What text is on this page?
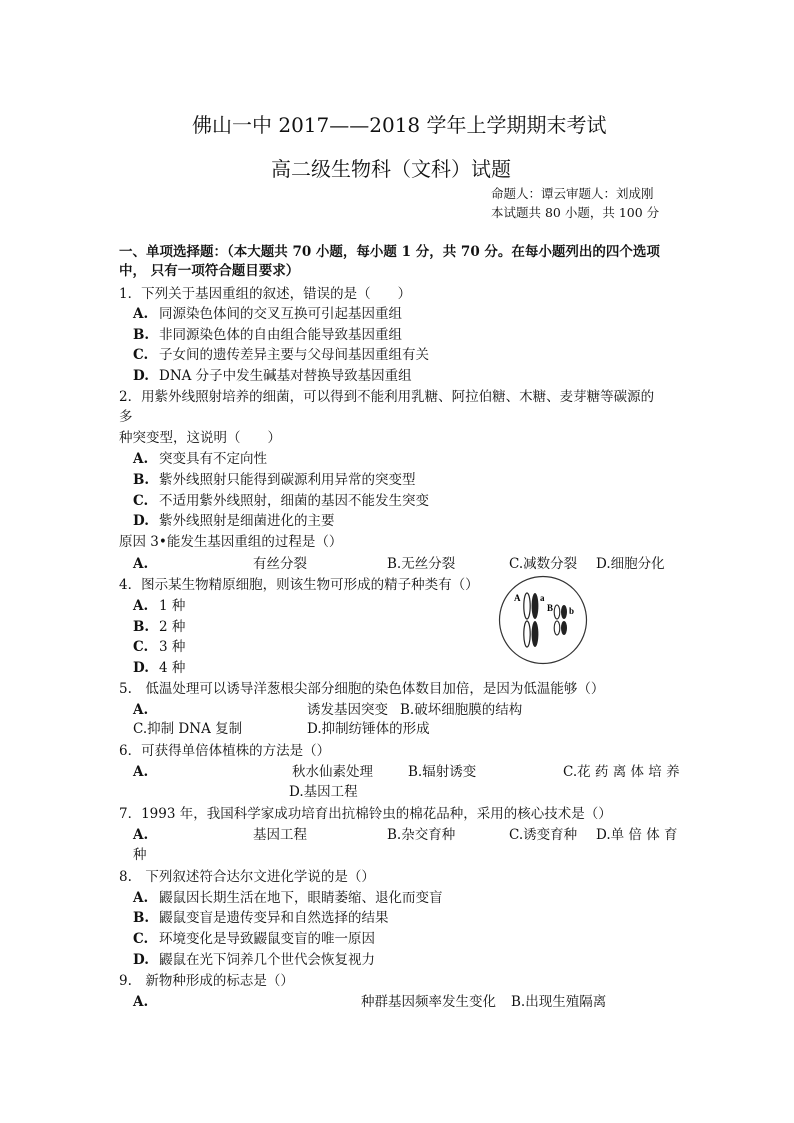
佛山一中 2017——2018 学年上学期期末考试
高二级生物科（文科）试题
命题人：谭云审题人：刘成刚
本试题共 80 小题，共 100 分
一、单项选择题：（本大题共 70 小题，每小题 1 分，共 70 分。在每小题列出的四个选项
中， 只有一项符合题目要求）
1．下列关于基因重组的叙述，错误的是（　　）
A. 同源染色体间的交叉互换可引起基因重组
B. 非同源染色体的自由组合能导致基因重组
C. 子女间的遗传差异主要与父母间基因重组有关
D. DNA 分子中发生碱基对替换导致基因重组
2．用紫外线照射培养的细菌，可以得到不能利用乳糖、阿拉伯糖、木糖、麦芽糖等碳源的
多
种突变型，这说明（　　）
A. 突变具有不定向性
B. 紫外线照射只能得到碳源利用异常的突变型
C. 不适用紫外线照射，细菌的基因不能发生突变
D. 紫外线照射是细菌进化的主要
原因 3•能发生基因重组的过程是（）
A.	有丝分裂	B.无丝分裂	C.减数分裂 D.细胞分化
4．图示某生物精原细胞，则该生物可形成的精子种类有（）
A. 1 种
B. 2 种
C. 3 种
D. 4 种
A a
B b
5.　低温处理可以诱导洋葱根尖部分细胞的染色体数目加倍，是因为低温能够（）
A.	诱发基因突变 B.破坏细胞膜的结构
C.抑制 DNA 复制	D.抑制纺锤体的形成
6．可获得单倍体植株的方法是（）
A.	秋水仙素处理	B.辐射诱变	C.花 药 离 体 培 养
D.基因工程
7．1993 年，我国科学家成功培育出抗棉铃虫的棉花品种，采用的核心技术是（）
A.	基因工程	B.杂交育种	C.诱变育种 D.单 倍 体 育
种
8.　下列叙述符合达尔文进化学说的是（）
A. 鼹鼠因长期生活在地下，眼睛萎缩、退化而变盲
B. 鼹鼠变盲是遗传变异和自然选择的结果
C. 环境变化是导致鼹鼠变盲的唯一原因
D. 鼹鼠在光下饲养几个世代会恢复视力
9.　新物种形成的标志是（）
A.	种群基因频率发生变化 B.出现生殖隔离
